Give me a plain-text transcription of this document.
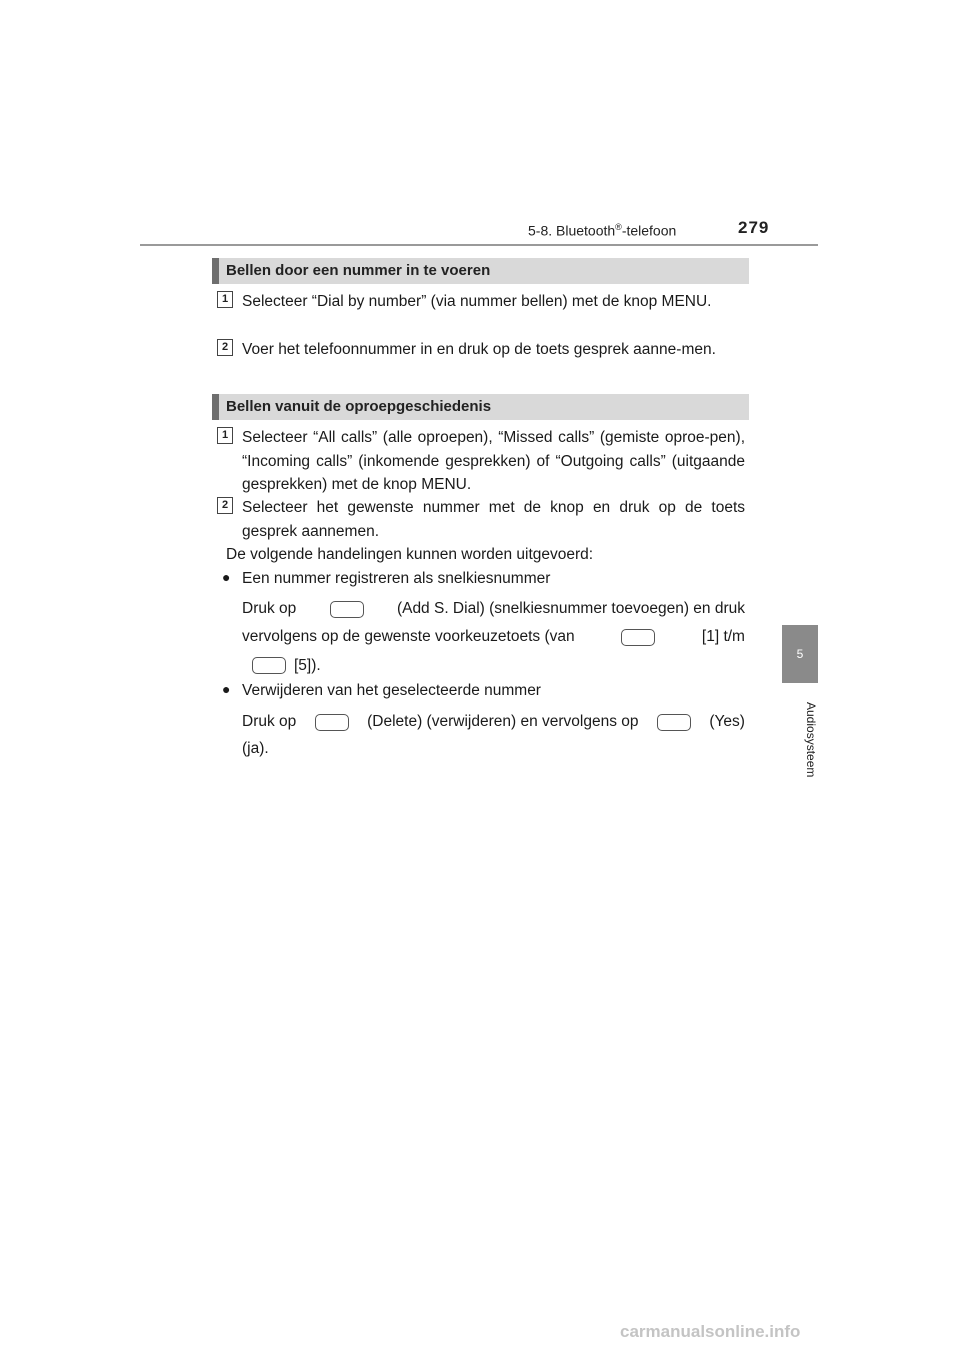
5-8. Bluetooth®-telefoon	279
5
Audiosysteem
Bellen door een nummer in te voeren
1 Selecteer “Dial by number” (via nummer bellen) met de knop MENU.
2 Voer het telefoonnummer in en druk op de toets gesprek aanne-men.
Bellen vanuit de oproepgeschiedenis
1 Selecteer “All calls” (alle oproepen), “Missed calls” (gemiste oproe-pen), “Incoming calls” (inkomende gesprekken) of “Outgoing calls” (uitgaande gesprekken) met de knop MENU.
2 Selecteer het gewenste nummer met de knop en druk op de toets gesprek aannemen.
De volgende handelingen kunnen worden uitgevoerd:
● Een nummer registreren als snelkiesnummer
Druk op	(Add S. Dial) (snelkiesnummer toevoegen) en druk
vervolgens op de gewenste voorkeuzetoets (van	[1] t/m
[5]).
● Verwijderen van het geselecteerde nummer
Druk op	(Delete) (verwijderen) en vervolgens op	(Yes)
(ja).
carmanualsonline.info
